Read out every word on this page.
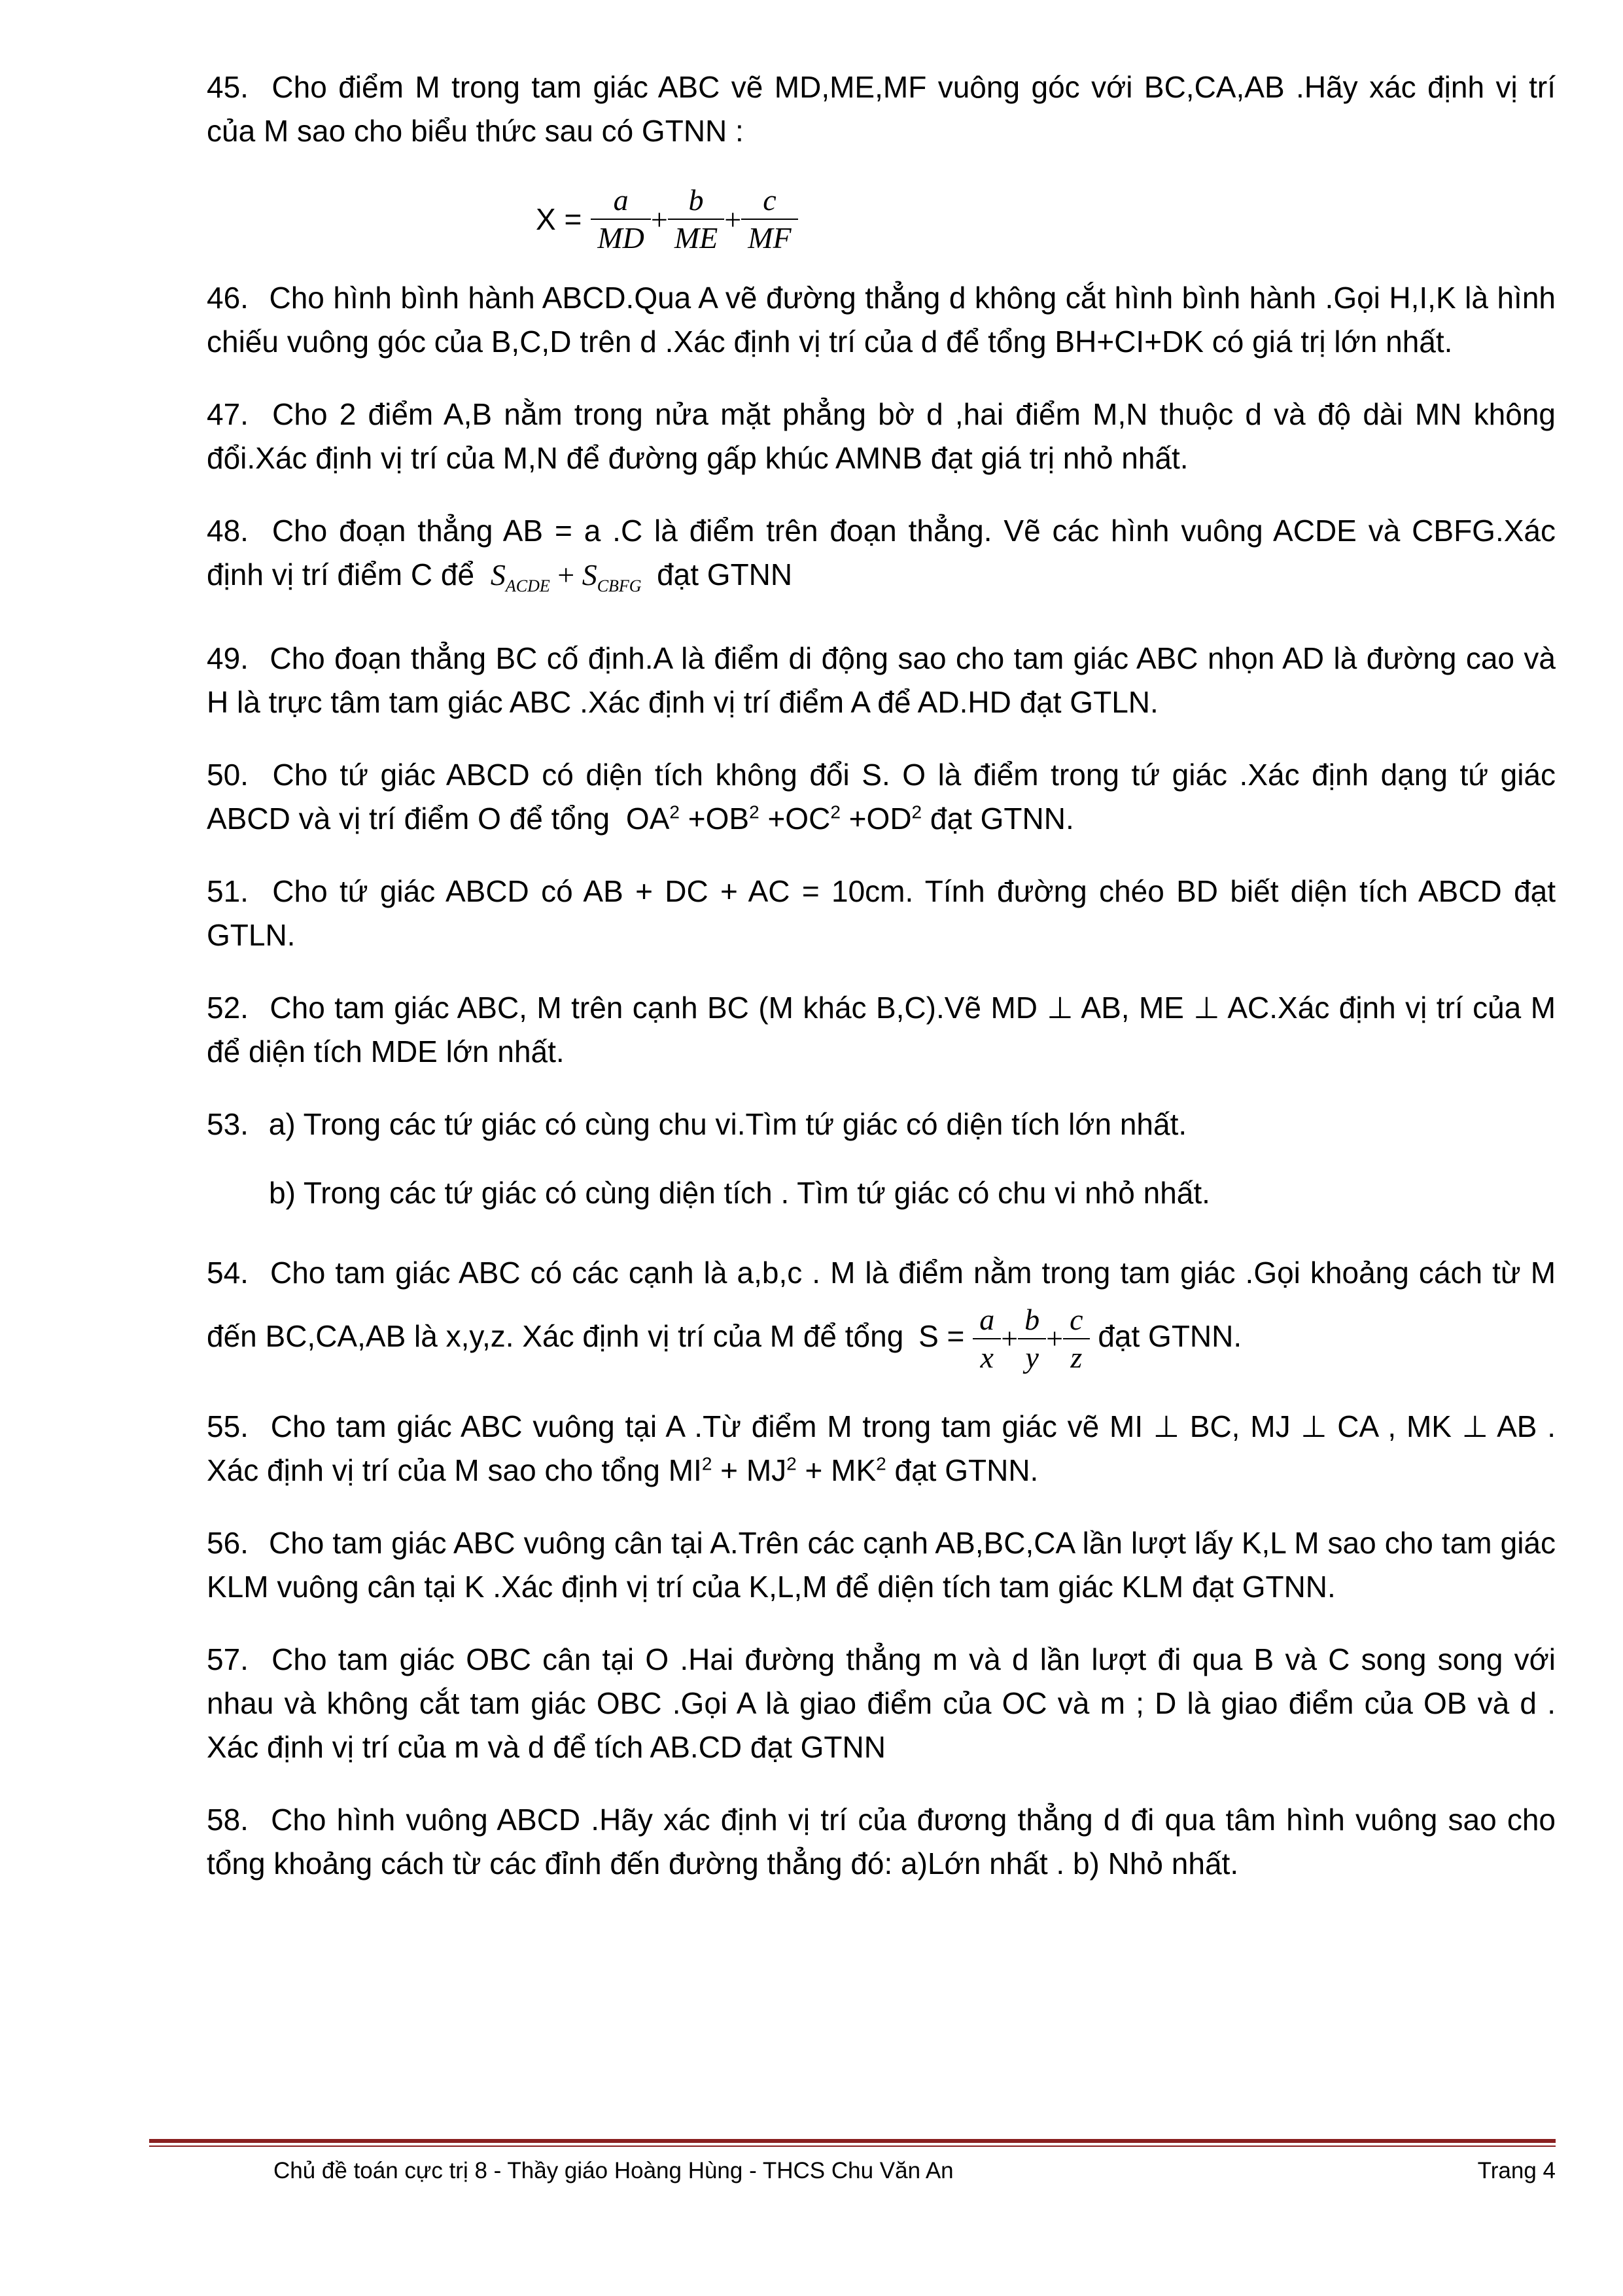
45. Cho điểm M trong tam giác ABC vẽ MD,ME,MF vuông góc với BC,CA,AB .Hãy xác định vị trí của M sao cho biểu thức sau có GTNN :

$X = \frac{a}{MD} + \frac{b}{ME} + \frac{c}{MF}$

46. Cho hình bình hành ABCD.Qua A vẽ đường thẳng d không cắt hình bình hành .Gọi H,I,K là hình chiếu vuông góc của B,C,D trên d .Xác định vị trí của d để tổng BH+CI+DK có giá trị lớn nhất.

47. Cho 2 điểm A,B nằm trong nửa mặt phẳng bờ d ,hai điểm M,N thuộc d và độ dài MN không đổi.Xác định vị trí của M,N để đường gấp khúc AMNB đạt giá trị nhỏ nhất.

48. Cho đoạn thẳng AB = a .C là điểm trên đoạn thẳng. Vẽ các hình vuông ACDE và CBFG.Xác định vị trí điểm C để $S_{ACDE} + S_{CBFG}$ đạt GTNN

49. Cho đoạn thẳng BC cố định.A là điểm di động sao cho tam giác ABC nhọn AD là đường cao và H là trực tâm tam giác ABC .Xác định vị trí điểm A để AD.HD đạt GTLN.

50. Cho tứ giác ABCD có diện tích không đổi S. O là điểm trong tứ giác .Xác định dạng tứ giác ABCD và vị trí điểm O để tổng $OA^2 +OB^2 +OC^2 +OD^2$ đạt GTNN.

51. Cho tứ giác ABCD có AB + DC + AC = 10cm. Tính đường chéo BD biết diện tích ABCD đạt GTLN.

52. Cho tam giác ABC, M trên cạnh BC (M khác B,C).Vẽ MD ⊥ AB, ME ⊥ AC.Xác định vị trí của M để diện tích MDE lớn nhất.

53. a) Trong các tứ giác có cùng chu vi.Tìm tứ giác có diện tích lớn nhất.

b) Trong các tứ giác có cùng diện tích . Tìm tứ giác có chu vi nhỏ nhất.

54. Cho tam giác ABC có các cạnh là a,b,c . M là điểm nằm trong tam giác .Gọi khoảng cách từ M đến BC,CA,AB là x,y,z. Xác định vị trí của M để tổng $S = \frac{a}{x} + \frac{b}{y} + \frac{c}{z}$ đạt GTNN.

55. Cho tam giác ABC vuông tại A .Từ điểm M trong tam giác vẽ MI ⊥ BC, MJ ⊥ CA , MK ⊥ AB . Xác định vị trí của M sao cho tổng $MI^2 + MJ^2 + MK^2$ đạt GTNN.

56. Cho tam giác ABC vuông cân tại A.Trên các cạnh AB,BC,CA lần lượt lấy K,L M sao cho tam giác KLM vuông cân tại K .Xác định vị trí của K,L,M để diện tích tam giác KLM đạt GTNN.

57. Cho tam giác OBC cân tại O .Hai đường thẳng m và d lần lượt đi qua B và C song song với nhau và không cắt tam giác OBC .Gọi A là giao điểm của OC và m ; D là giao điểm của OB và d . Xác định vị trí của m và d để tích AB.CD đạt GTNN

58. Cho hình vuông ABCD .Hãy xác định vị trí của đương thẳng d đi qua tâm hình vuông sao cho tổng khoảng cách từ các đỉnh đến đường thẳng đó: a)Lớn nhất . b) Nhỏ nhất.

Chủ đề toán cực trị 8 - Thầy giáo Hoàng Hùng - THCS Chu Văn An	Trang 4
